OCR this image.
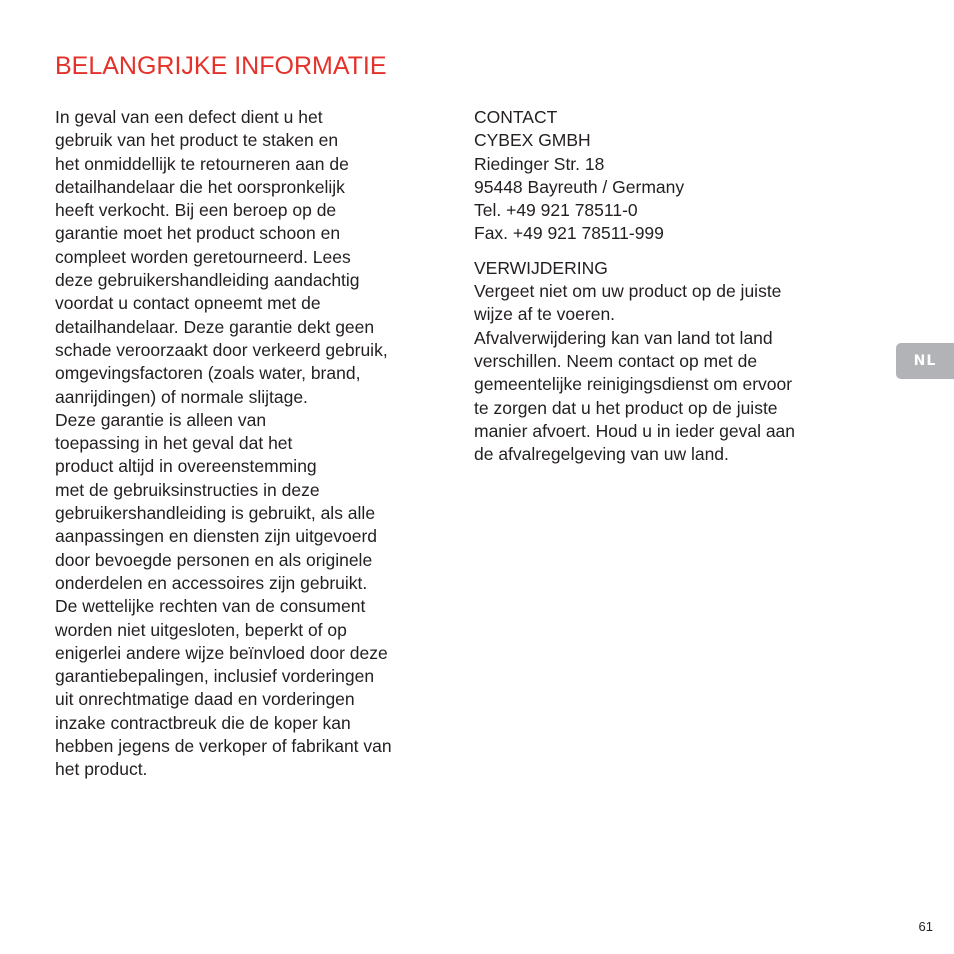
BELANGRIJKE INFORMATIE

In geval van een defect dient u het
gebruik van het product te staken en
het onmiddellijk te retourneren aan de
detailhandelaar die het oorspronkelijk
heeft verkocht. Bij een beroep op de
garantie moet het product schoon en
compleet worden geretourneerd. Lees
deze gebruikershandleiding aandachtig
voordat u contact opneemt met de
detailhandelaar. Deze garantie dekt geen
schade veroorzaakt door verkeerd gebruik,
omgevingsfactoren (zoals water, brand,
aanrijdingen) of normale slijtage.
Deze garantie is alleen van
toepassing in het geval dat het
product altijd in overeenstemming
met de gebruiksinstructies in deze
gebruikershandleiding is gebruikt, als alle
aanpassingen en diensten zijn uitgevoerd
door bevoegde personen en als originele
onderdelen en accessoires zijn gebruikt.
De wettelijke rechten van de consument
worden niet uitgesloten, beperkt of op
enigerlei andere wijze beïnvloed door deze
garantiebepalingen, inclusief vorderingen
uit onrechtmatige daad en vorderingen
inzake contractbreuk die de koper kan
hebben jegens de verkoper of fabrikant van
het product.

CONTACT
CYBEX GMBH
Riedinger Str. 18
95448 Bayreuth / Germany
Tel. +49 921 78511-0
Fax. +49 921 78511-999
VERWIJDERING
Vergeet niet om uw product op de juiste
wijze af te voeren.
Afvalverwijdering kan van land tot land
verschillen. Neem contact op met de
gemeentelijke reinigingsdienst om ervoor
te zorgen dat u het product op de juiste
manier afvoert. Houd u in ieder geval aan
de afvalregelgeving van uw land.
NL
61
